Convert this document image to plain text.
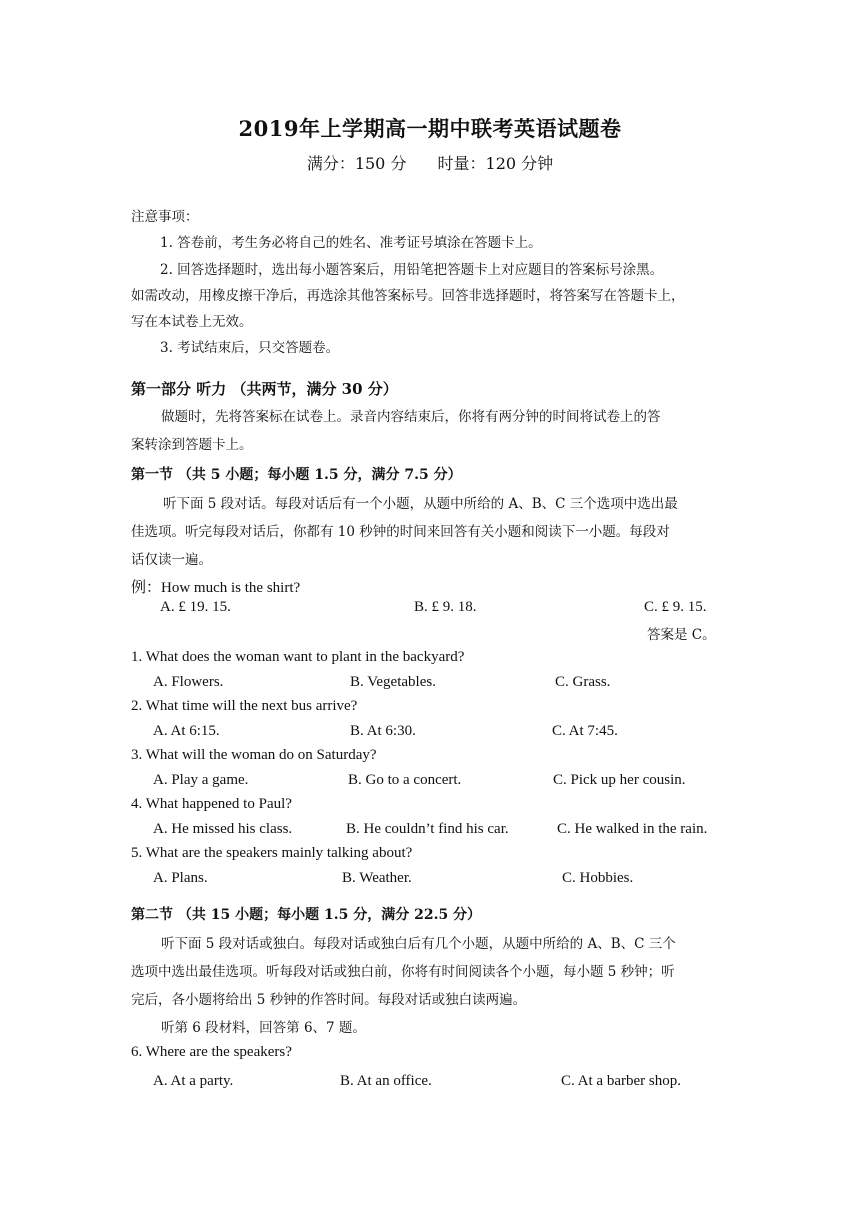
2019年上学期高一期中联考英语试题卷
满分：150 分 时量：120 分钟
注意事项：
1. 答卷前，考生务必将自己的姓名、准考证号填涂在答题卡上。
2. 回答选择题时，选出每小题答案后，用铅笔把答题卡上对应题目的答案标号涂黑。
如需改动，用橡皮擦干净后，再选涂其他答案标号。回答非选择题时，将答案写在答题卡上，
写在本试卷上无效。
3. 考试结束后，只交答题卷。
第一部分 听力 （共两节，满分 30 分）
做题时，先将答案标在试卷上。录音内容结束后，你将有两分钟的时间将试卷上的答
案转涂到答题卡上。
第一节 （共 5 小题；每小题 1.5 分，满分 7.5 分）
听下面 5 段对话。每段对话后有一个小题，从题中所给的 A、B、C 三个选项中选出最
佳选项。听完每段对话后，你都有 10 秒钟的时间来回答有关小题和阅读下一小题。每段对
话仅读一遍。
例：How much is the shirt?
A. £ 19. 15.	B. £ 9. 18.	C. £ 9. 15.
答案是 C。
1. What does the woman want to plant in the backyard?
A. Flowers.	B. Vegetables.	C. Grass.
2. What time will the next bus arrive?
A. At 6:15.	B. At 6:30.	C. At 7:45.
3. What will the woman do on Saturday?
A. Play a game.	B. Go to a concert.	C. Pick up her cousin.
4. What happened to Paul?
A. He missed his class.	B. He couldn’t find his car.	C. He walked in the rain.
5. What are the speakers mainly talking about?
A. Plans.	B. Weather.	C. Hobbies.
第二节 （共 15 小题；每小题 1.5 分，满分 22.5 分）
听下面 5 段对话或独白。每段对话或独白后有几个小题，从题中所给的 A、B、C 三个
选项中选出最佳选项。听每段对话或独白前，你将有时间阅读各个小题，每小题 5 秒钟；听
完后，各小题将给出 5 秒钟的作答时间。每段对话或独白读两遍。
听第 6 段材料，回答第 6、7 题。
6. Where are the speakers?
A. At a party.	B. At an office.	C. At a barber shop.
